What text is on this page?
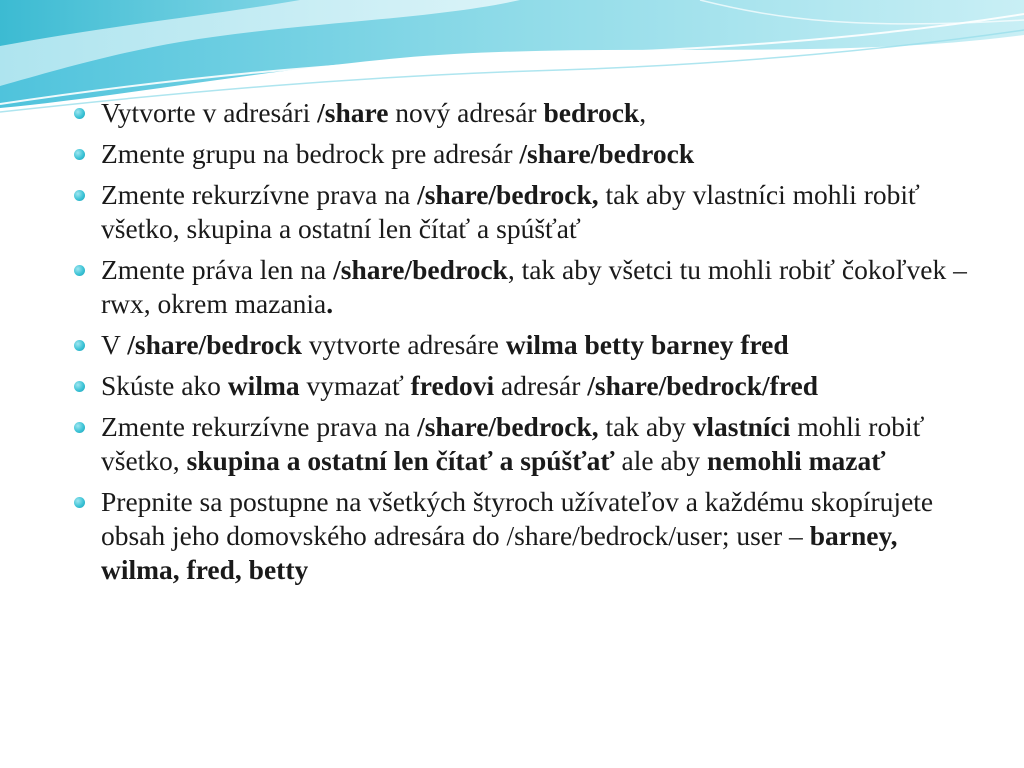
Vytvorte v adresári /share nový adresár bedrock,
Zmente grupu na bedrock pre adresár /share/bedrock
Zmente rekurzívne prava na /share/bedrock, tak aby vlastníci mohli robiť všetko, skupina a ostatní len čítať a spúšťať
Zmente práva len na /share/bedrock, tak aby všetci tu mohli robiť čokoľvek – rwx, okrem mazania.
V /share/bedrock vytvorte adresáre wilma betty barney fred
Skúste ako wilma vymazať fredovi adresár /share/bedrock/fred
Zmente rekurzívne prava na /share/bedrock, tak aby vlastníci mohli robiť všetko, skupina a ostatní len čítať a spúšťať ale aby nemohli mazať
Prepnite sa postupne na všetkých štyroch užívateľov a každému skopírujete obsah jeho domovského adresára do /share/bedrock/user; user – barney, wilma, fred, betty
